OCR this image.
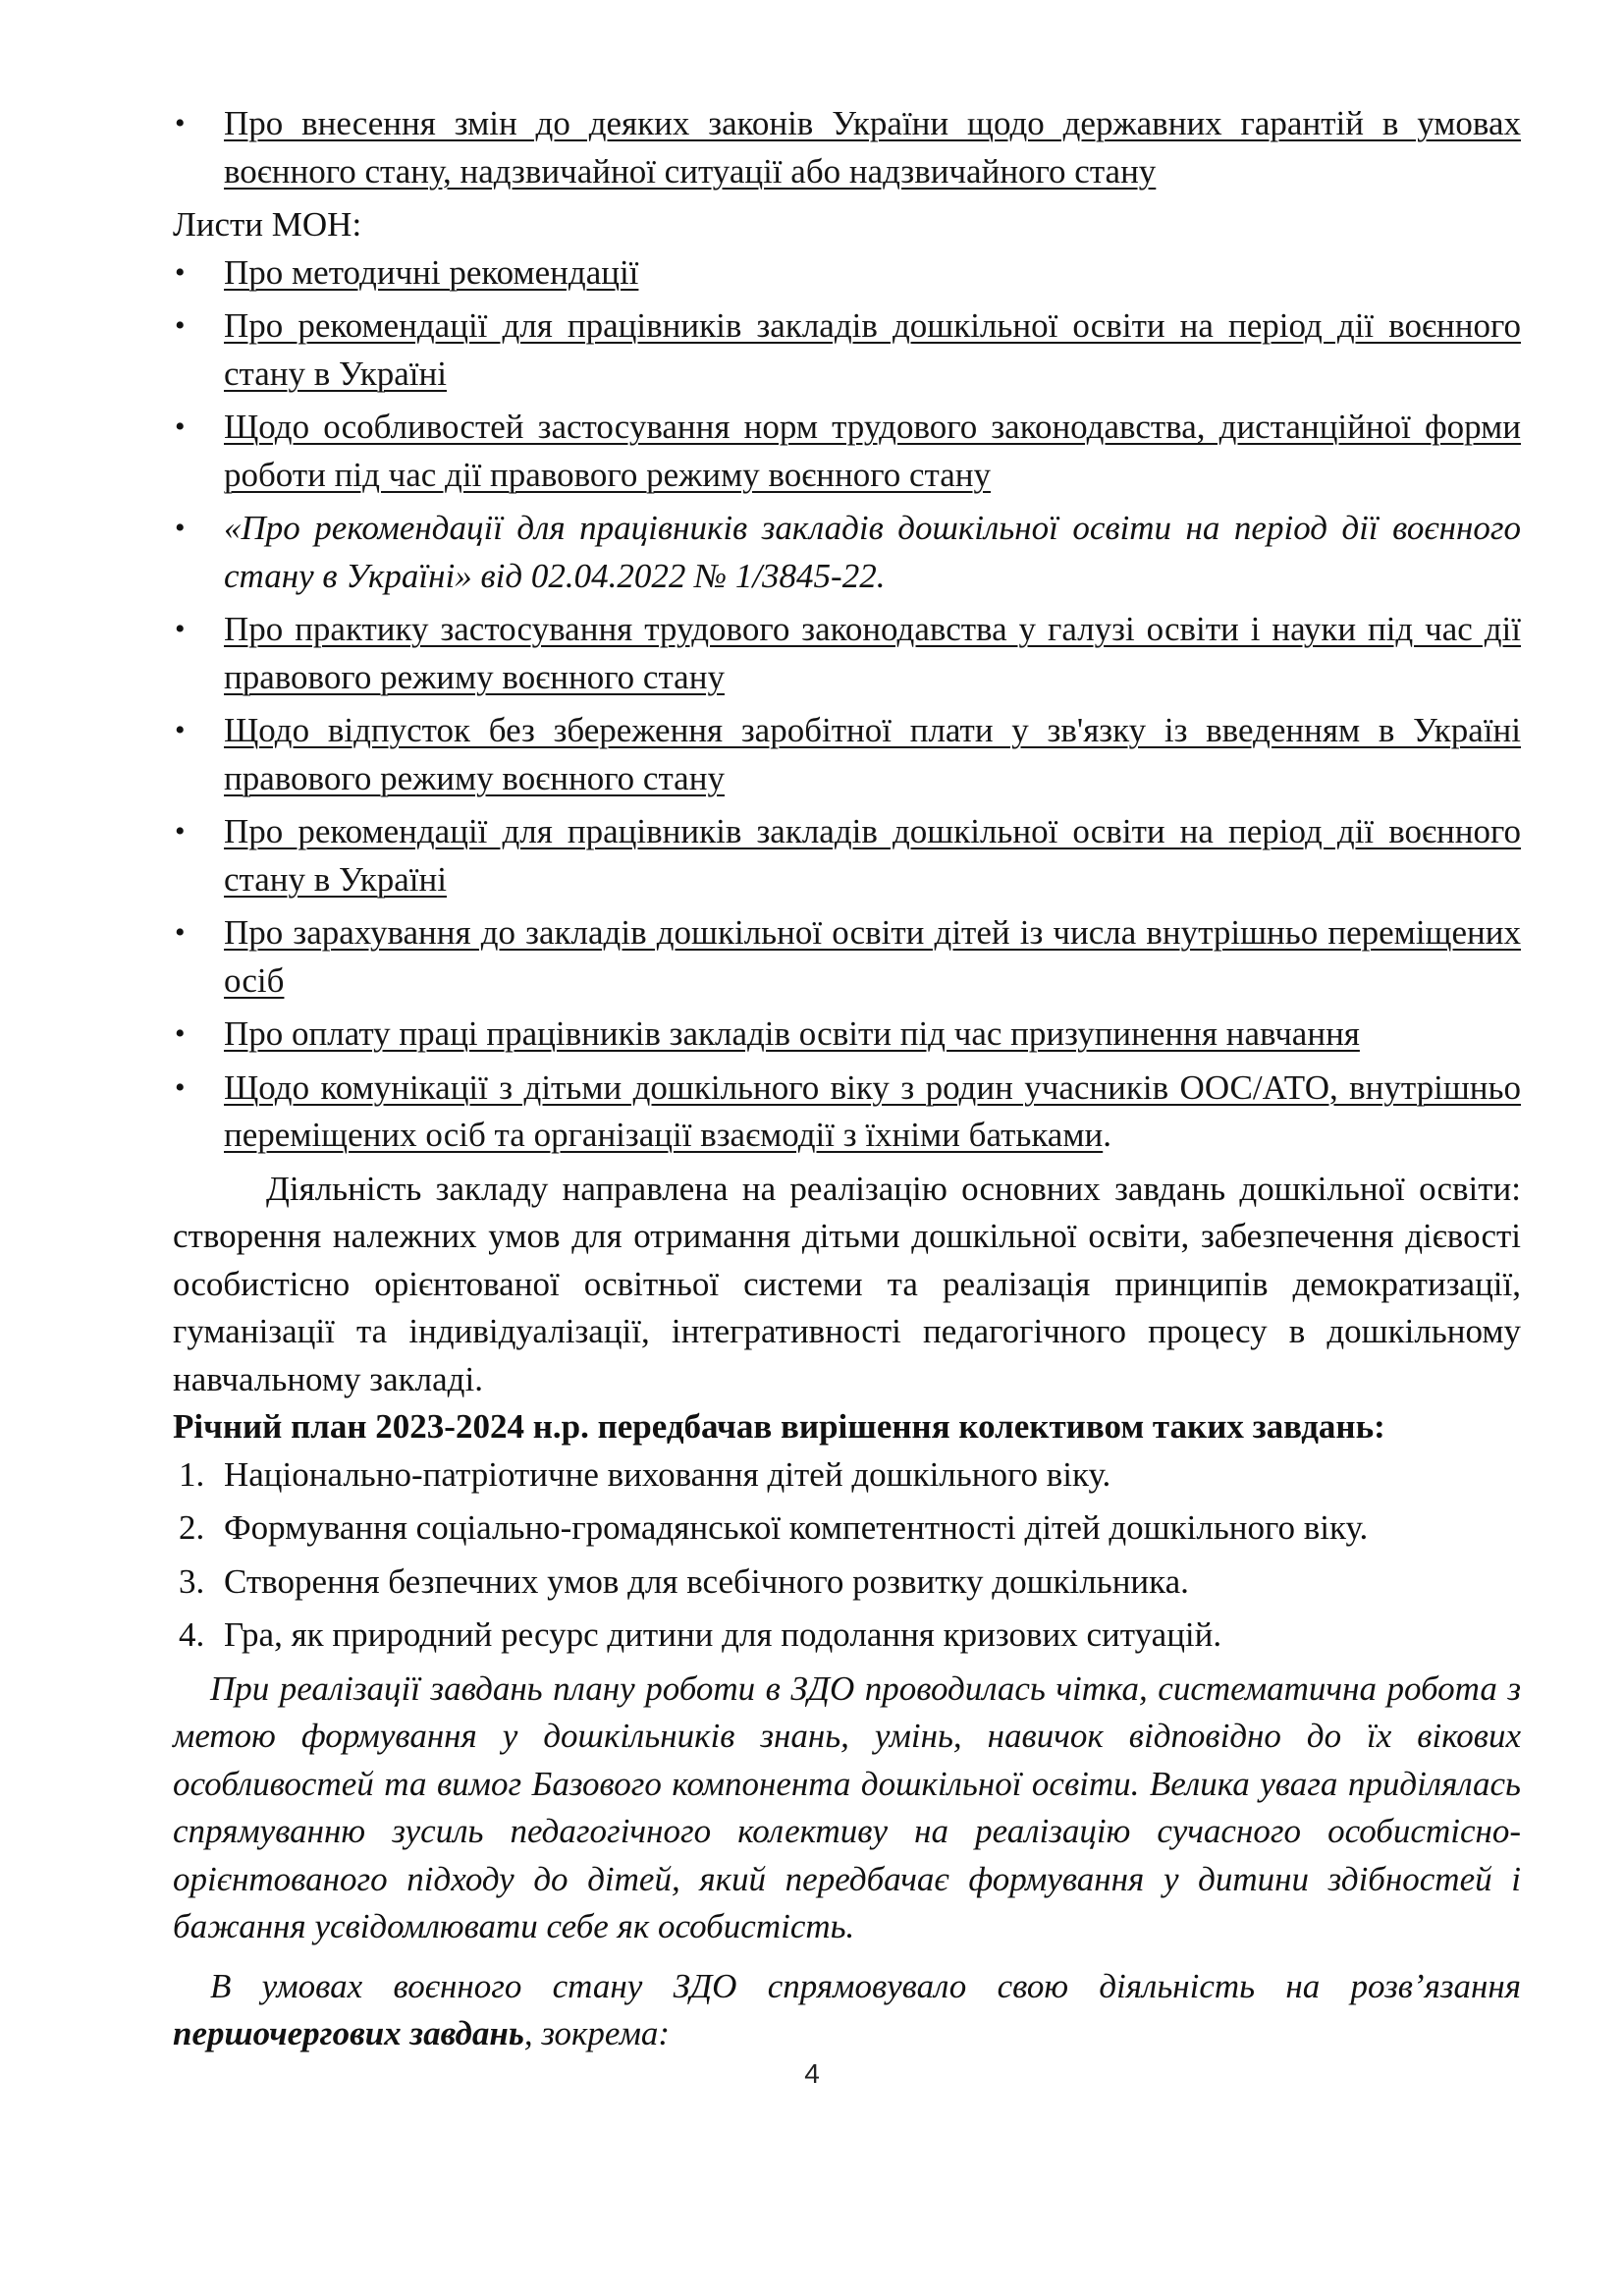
• Про внесення змін до деяких законів України щодо державних гарантій в умовах воєнного стану, надзвичайної ситуації або надзвичайного стану

Листи МОН:

• Про методичні рекомендації
• Про рекомендації для працівників закладів дошкільної освіти на період дії воєнного стану в Україні
• Щодо особливостей застосування норм трудового законодавства, дистанційної форми роботи під час дії правового режиму воєнного стану
• «Про рекомендації для працівників закладів дошкільної освіти на період дії воєнного стану в Україні» від 02.04.2022 № 1/3845-22.
• Про практику застосування трудового законодавства у галузі освіти і науки під час дії правового режиму воєнного стану
• Щодо відпусток без збереження заробітної плати у зв'язку із введенням в Україні правового режиму воєнного стану
• Про рекомендації для працівників закладів дошкільної освіти на період дії воєнного стану в Україні
• Про зарахування до закладів дошкільної освіти дітей із числа внутрішньо переміщених осіб
• Про оплату праці працівників закладів освіти під час призупинення навчання
• Щодо комунікації з дітьми дошкільного віку з родин учасників ООС/АТО, внутрішньо переміщених осіб та організації взаємодії з їхніми батьками.

Діяльність закладу направлена на реалізацію основних завдань дошкільної освіти: створення належних умов для отримання дітьми дошкільної освіти, забезпечення дієвості особистісно орієнтованої освітньої системи та реалізація принципів демократизації, гуманізації та індивідуалізації, інтегративності педагогічного процесу в дошкільному навчальному закладі.

Річний план 2023-2024 н.р. передбачав вирішення колективом таких завдань:

1. Національно-патріотичне виховання дітей дошкільного віку.
2. Формування соціально-громадянської компетентності дітей дошкільного віку.
3. Створення безпечних умов для всебічного розвитку дошкільника.
4. Гра, як природний ресурс дитини для подолання кризових ситуацій.

При реалізації завдань плану роботи в ЗДО проводилась чітка, систематична робота з метою формування у дошкільників знань, умінь, навичок відповідно до їх вікових особливостей та вимог Базового компонента дошкільної освіти. Велика увага приділялась спрямуванню зусиль педагогічного колективу на реалізацію сучасного особистісно-орієнтованого підходу до дітей, який передбачає формування у дитини здібностей і бажання усвідомлювати себе як особистість.

В умовах воєнного стану ЗДО спрямовувало свою діяльність на розв’язання першочергових завдань, зокрема:

4
